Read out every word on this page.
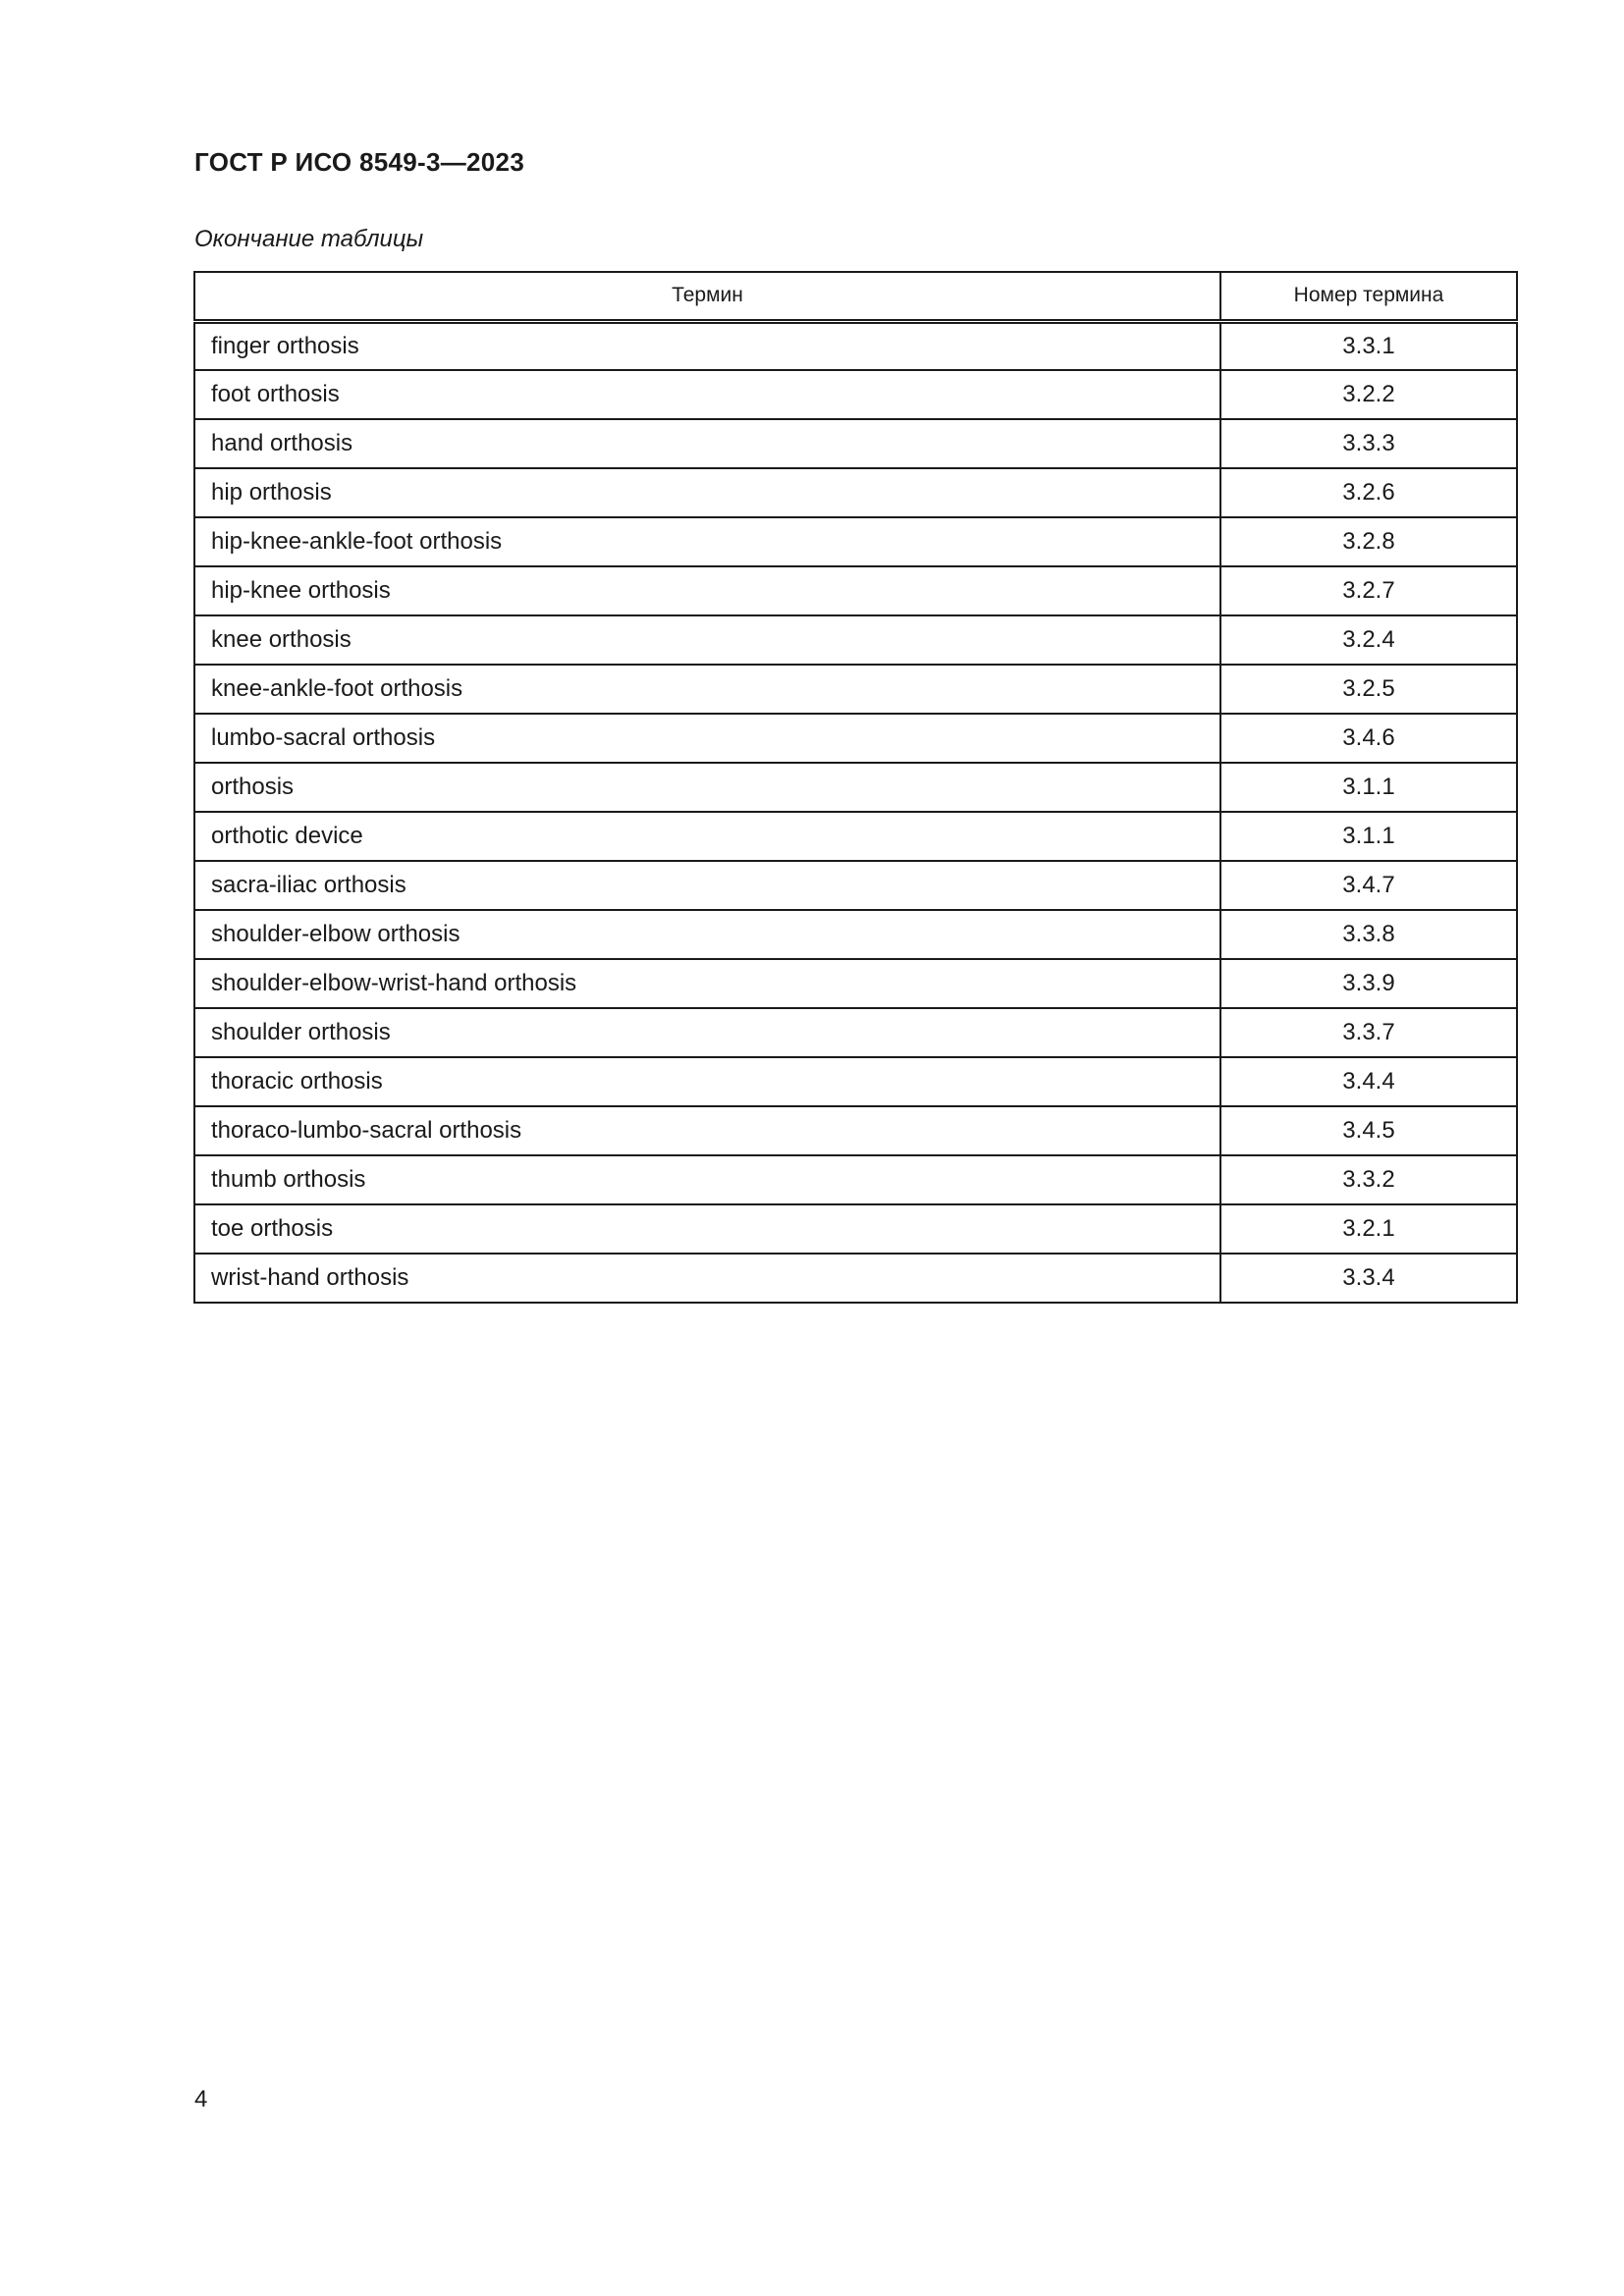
ГОСТ Р ИСО 8549-3—2023
Окончание таблицы
Термин	Номер термина
finger orthosis	3.3.1
foot orthosis	3.2.2
hand orthosis	3.3.3
hip orthosis	3.2.6
hip-knee-ankle-foot orthosis	3.2.8
hip-knee orthosis	3.2.7
knee orthosis	3.2.4
knee-ankle-foot orthosis	3.2.5
lumbo-sacral orthosis	3.4.6
orthosis	3.1.1
orthotic device	3.1.1
sacra-iliac orthosis	3.4.7
shoulder-elbow orthosis	3.3.8
shoulder-elbow-wrist-hand orthosis	3.3.9
shoulder orthosis	3.3.7
thoracic orthosis	3.4.4
thoraco-lumbo-sacral orthosis	3.4.5
thumb orthosis	3.3.2
toe orthosis	3.2.1
wrist-hand orthosis	3.3.4
4
